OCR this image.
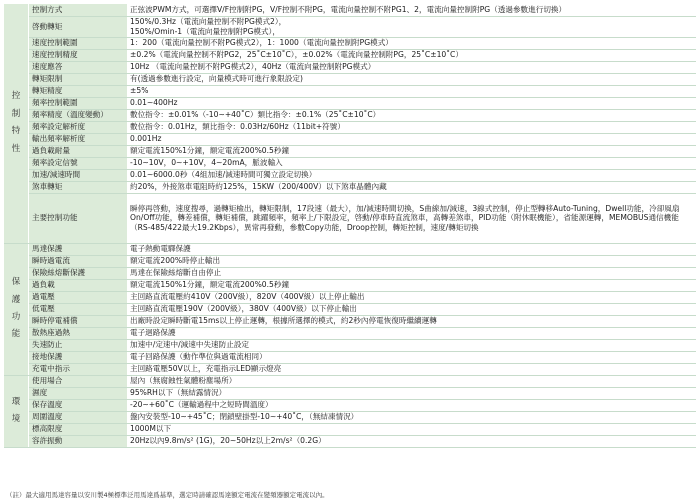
控
制
特
性	控制方式	正弦波PWM方式，可選擇V/F控制附PG，V/F控制不附PG，電流向量控制不附PG1、2，電流向量控制附PG（透過參數進行切換）

	啓動轉矩	150%/0.3Hz（電流向量控制不附PG模式2），
150%/Omin-1（電流向量控制附PG模式），

	速度控制範圍	1：200（電流向量控制不附PG模式2），1：1000（電流向量控制附PG模式）

	速度控制精度	±0.2%（電流向量控制不附PG2，25˚C±10˚C），±0.02%（電流向量控制附PG，25˚C±10˚C）

	速度應答	10Hz （電流向量控制不附PG模式2），40Hz（電流向量控制附PG模式）

	轉矩限制	有(透過參數進行設定，向量模式時可進行象限設定)

	轉矩精度	±5%

	頻率控制範圍	0.01~400Hz

	頻率精度（溫度變動）	數位指令：±0.01%（-10~+40˚C）類比指令：±0.1%（25˚C±10˚C）

	頻率設定解析度	數位指令：0.01Hz，類比指令：0.03Hz/60Hz（11bit+符號）

	輸出頻率解析度	0.001Hz

	過負載耐量	額定電流150%1分鐘，額定電流200%0.5秒鐘

	頻率設定信號	-10~10V，0~+10V，4~20mA，脈波輸入

	加速/減速時間	0.01~6000.0秒（4組加速/減速時間可獨立設定切換）

	煞車轉矩	約20%，外接煞車電阻時約125%，15KW（200/400V）以下煞車晶體內藏

	主要控制功能	瞬停再啓動，速度搜尋，過轉矩檢出，轉矩限制，17段速（最大），加/減速時間切換，S曲線加/減速，3線式控制，停止型轉移Auto-Tuning，Dwell功能，冷卻風扇On/Off功能，轉差補償，轉矩補償，跳躍頻率，頻率上/下限設定，啓動/停車時直流煞車，高轉差煞車，PID功能（附休眠機能），省能源運轉，MEMOBUS通信機能（RS-485/422最大19.2Kbps），異常再發動，參數Copy功能，Droop控制，轉矩控制，速度/轉矩切換

保
護
功
能	馬達保護	電子熱動電驛保護

	瞬時過電流	額定電流200%時停止輸出

	保險絲熔斷保護	馬達在保險絲熔斷自由停止

	過負載	額定電流150%1分鐘，額定電流200%0.5秒鐘

	過電壓	主回路直流電壓約410V（200V級），820V（400V級）以上停止輸出

	低電壓	主回路直流電壓190V（200V級），380V（400V級）以下停止輸出

	瞬時停電補償	出廠時設定瞬時斷電15ms以上停止運轉，根據所選擇的模式，約2秒內停電恢復時繼續運轉

	散熱座過熱	電子迴路保護

	失速防止	加速中/定速中/減速中失速防止設定

	接地保護	電子回路保護（動作準位與過電流相同）

	充電中指示	主回路電壓50V以上，充電指示LED顯示燈亮

環
境	使用場合	屋內（無腐蝕性氣體粉塵場所）

	濕度	95%RH以下（無結露情況）

	保存溫度	-20~+60˚C（運輸過程中之短時間溫度）

	周圍溫度	盤內安裝型-10~+45˚C；閉鎖壁掛型-10~+40˚C，（無結凍情況）

	標高限度	1000M以下

	容許振動	20Hz以內9.8m/s² (1G)，20~50Hz以上2m/s²（0.2G）
（註）最大適用馬達容量以安川製4極標準泛用馬達爲基準，選定時請確認馬達額定電流在變頻器額定電流以內。
